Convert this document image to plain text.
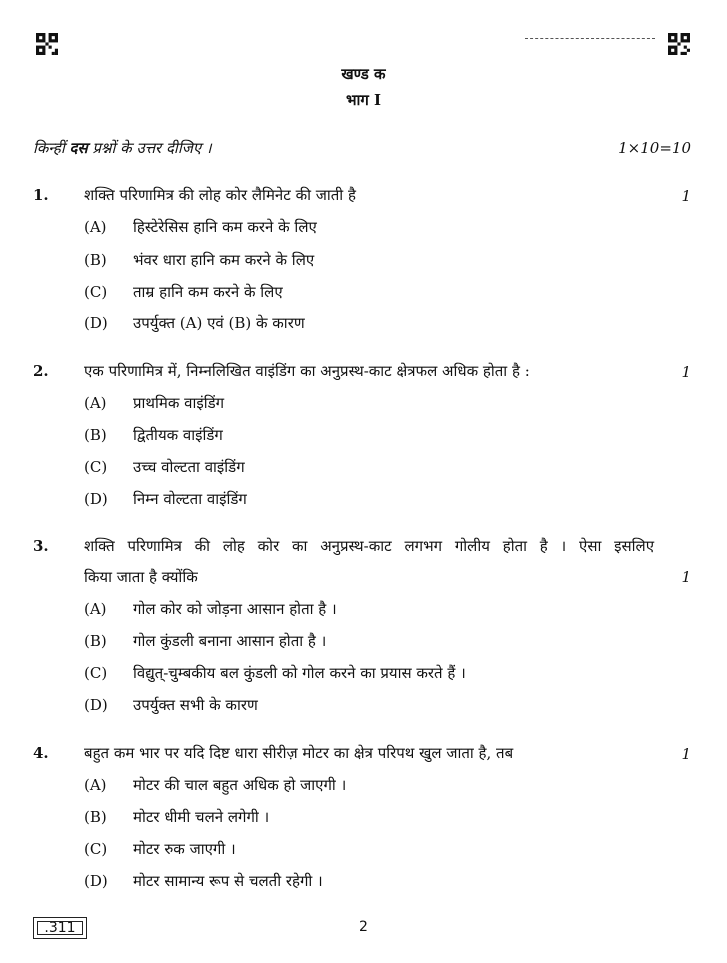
खण्ड क
भाग I
किन्हीं दस प्रश्नों के उत्तर दीजिए ।	1×10=10
1. शक्ति परिणामित्र की लोह कोर लैमिनेट की जाती है	1
(A) हिस्टेरेसिस हानि कम करने के लिए
(B) भंवर धारा हानि कम करने के लिए
(C) ताम्र हानि कम करने के लिए
(D) उपर्युक्त (A) एवं (B) के कारण
2. एक परिणामित्र में, निम्नलिखित वाइंडिंग का अनुप्रस्थ-काट क्षेत्रफल अधिक होता है :	1
(A) प्राथमिक वाइंडिंग
(B) द्वितीयक वाइंडिंग
(C) उच्च वोल्टता वाइंडिंग
(D) निम्न वोल्टता वाइंडिंग
3. शक्ति परिणामित्र की लोह कोर का अनुप्रस्थ-काट लगभग गोलीय होता है । ऐसा इसलिए
किया जाता है क्योंकि	1
(A) गोल कोर को जोड़ना आसान होता है ।
(B) गोल कुंडली बनाना आसान होता है ।
(C) विद्युत्-चुम्बकीय बल कुंडली को गोल करने का प्रयास करते हैं ।
(D) उपर्युक्त सभी के कारण
4. बहुत कम भार पर यदि दिष्ट धारा सीरीज़ मोटर का क्षेत्र परिपथ खुल जाता है, तब	1
(A) मोटर की चाल बहुत अधिक हो जाएगी ।
(B) मोटर धीमी चलने लगेगी ।
(C) मोटर रुक जाएगी ।
(D) मोटर सामान्य रूप से चलती रहेगी ।
.311	2
